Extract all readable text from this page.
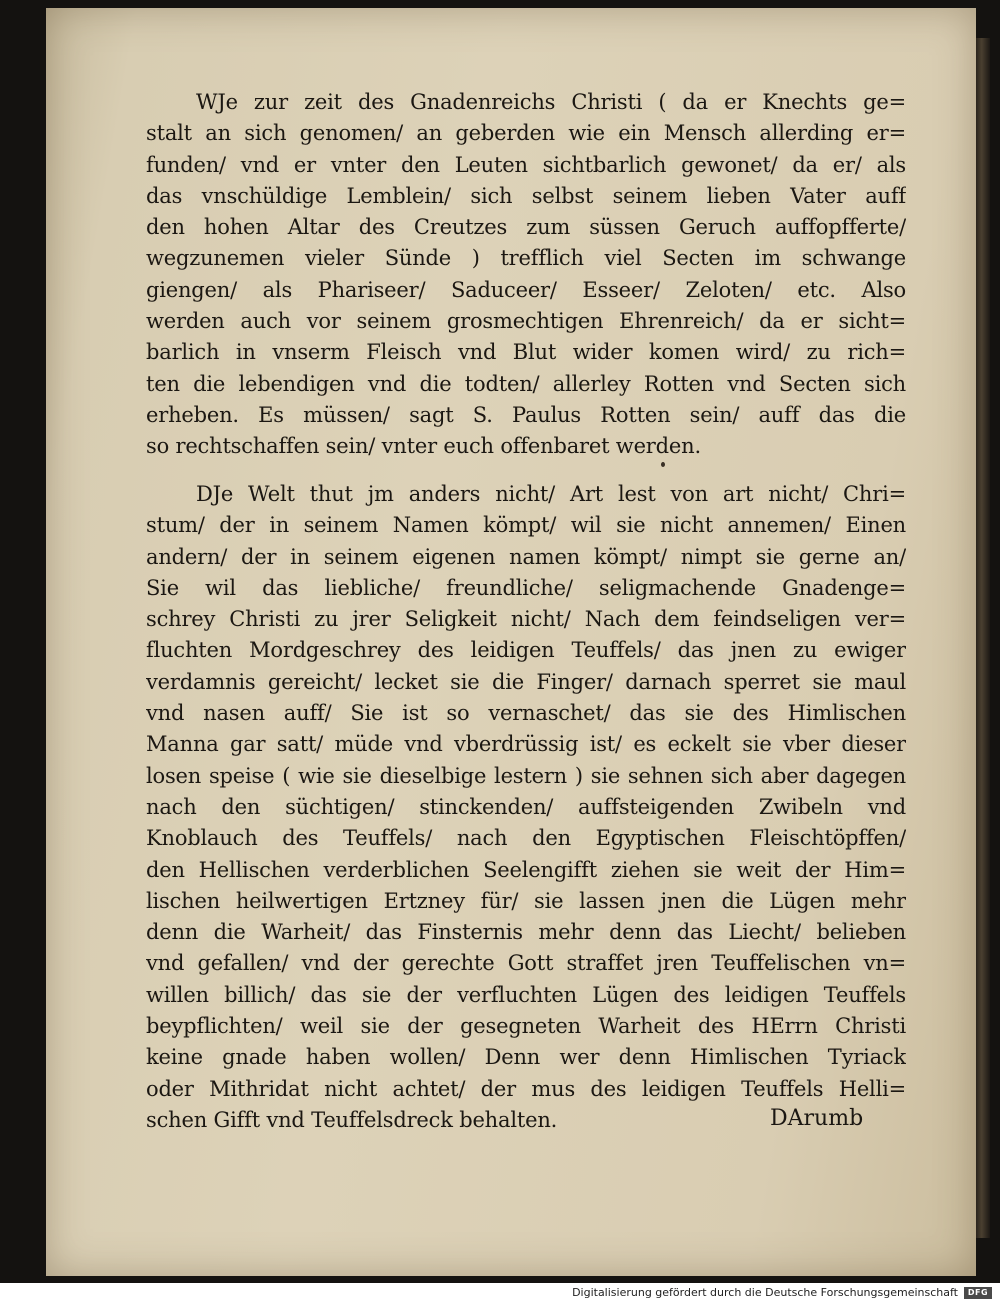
WJe zur zeit des Gnadenreichs Christi ( da er Knechts ge=
stalt an sich genomen/ an geberden wie ein Mensch allerding er=
funden/ vnd er vnter den Leuten sichtbarlich gewonet/ da er/ als
das vnschüldige Lemblein/ sich selbst seinem lieben Vater auff
den hohen Altar des Creutzes zum süssen Geruch auffopfferte/
wegzunemen vieler Sünde ) trefflich viel Secten im schwange
giengen/ als Phariseer/ Saduceer/ Esseer/ Zeloten/ etc. Also
werden auch vor seinem grosmechtigen Ehrenreich/ da er sicht=
barlich in vnserm Fleisch vnd Blut wider komen wird/ zu rich=
ten die lebendigen vnd die todten/ allerley Rotten vnd Secten sich
erheben. Es müssen/ sagt S. Paulus Rotten sein/ auff das die
so rechtschaffen sein/ vnter euch offenbaret werden.
DJe Welt thut jm anders nicht/ Art lest von art nicht/ Chri=
stum/ der in seinem Namen kömpt/ wil sie nicht annemen/ Einen
andern/ der in seinem eigenen namen kömpt/ nimpt sie gerne an/
Sie wil das liebliche/ freundliche/ seligmachende Gnadenge=
schrey Christi zu jrer Seligkeit nicht/ Nach dem feindseligen ver=
fluchten Mordgeschrey des leidigen Teuffels/ das jnen zu ewiger
verdamnis gereicht/ lecket sie die Finger/ darnach sperret sie maul
vnd nasen auff/ Sie ist so vernaschet/ das sie des Himlischen
Manna gar satt/ müde vnd vberdrüssig ist/ es eckelt sie vber dieser
losen speise ( wie sie dieselbige lestern ) sie sehnen sich aber dagegen
nach den süchtigen/ stinckenden/ auffsteigenden Zwibeln vnd
Knoblauch des Teuffels/ nach den Egyptischen Fleischtöpffen/
den Hellischen verderblichen Seelengifft ziehen sie weit der Him=
lischen heilwertigen Ertzney für/ sie lassen jnen die Lügen mehr
denn die Warheit/ das Finsternis mehr denn das Liecht/ belieben
vnd gefallen/ vnd der gerechte Gott straffet jren Teuffelischen vn=
willen billich/ das sie der verfluchten Lügen des leidigen Teuffels
beypflichten/ weil sie der gesegneten Warheit des HErrn Christi
keine gnade haben wollen/ Denn wer denn Himlischen Tyriack
oder Mithridat nicht achtet/ der mus des leidigen Teuffels Helli=
schen Gifft vnd Teuffelsdreck behalten.	DArumb
Digitalisierung gefördert durch die Deutsche Forschungsgemeinschaft	DFG
